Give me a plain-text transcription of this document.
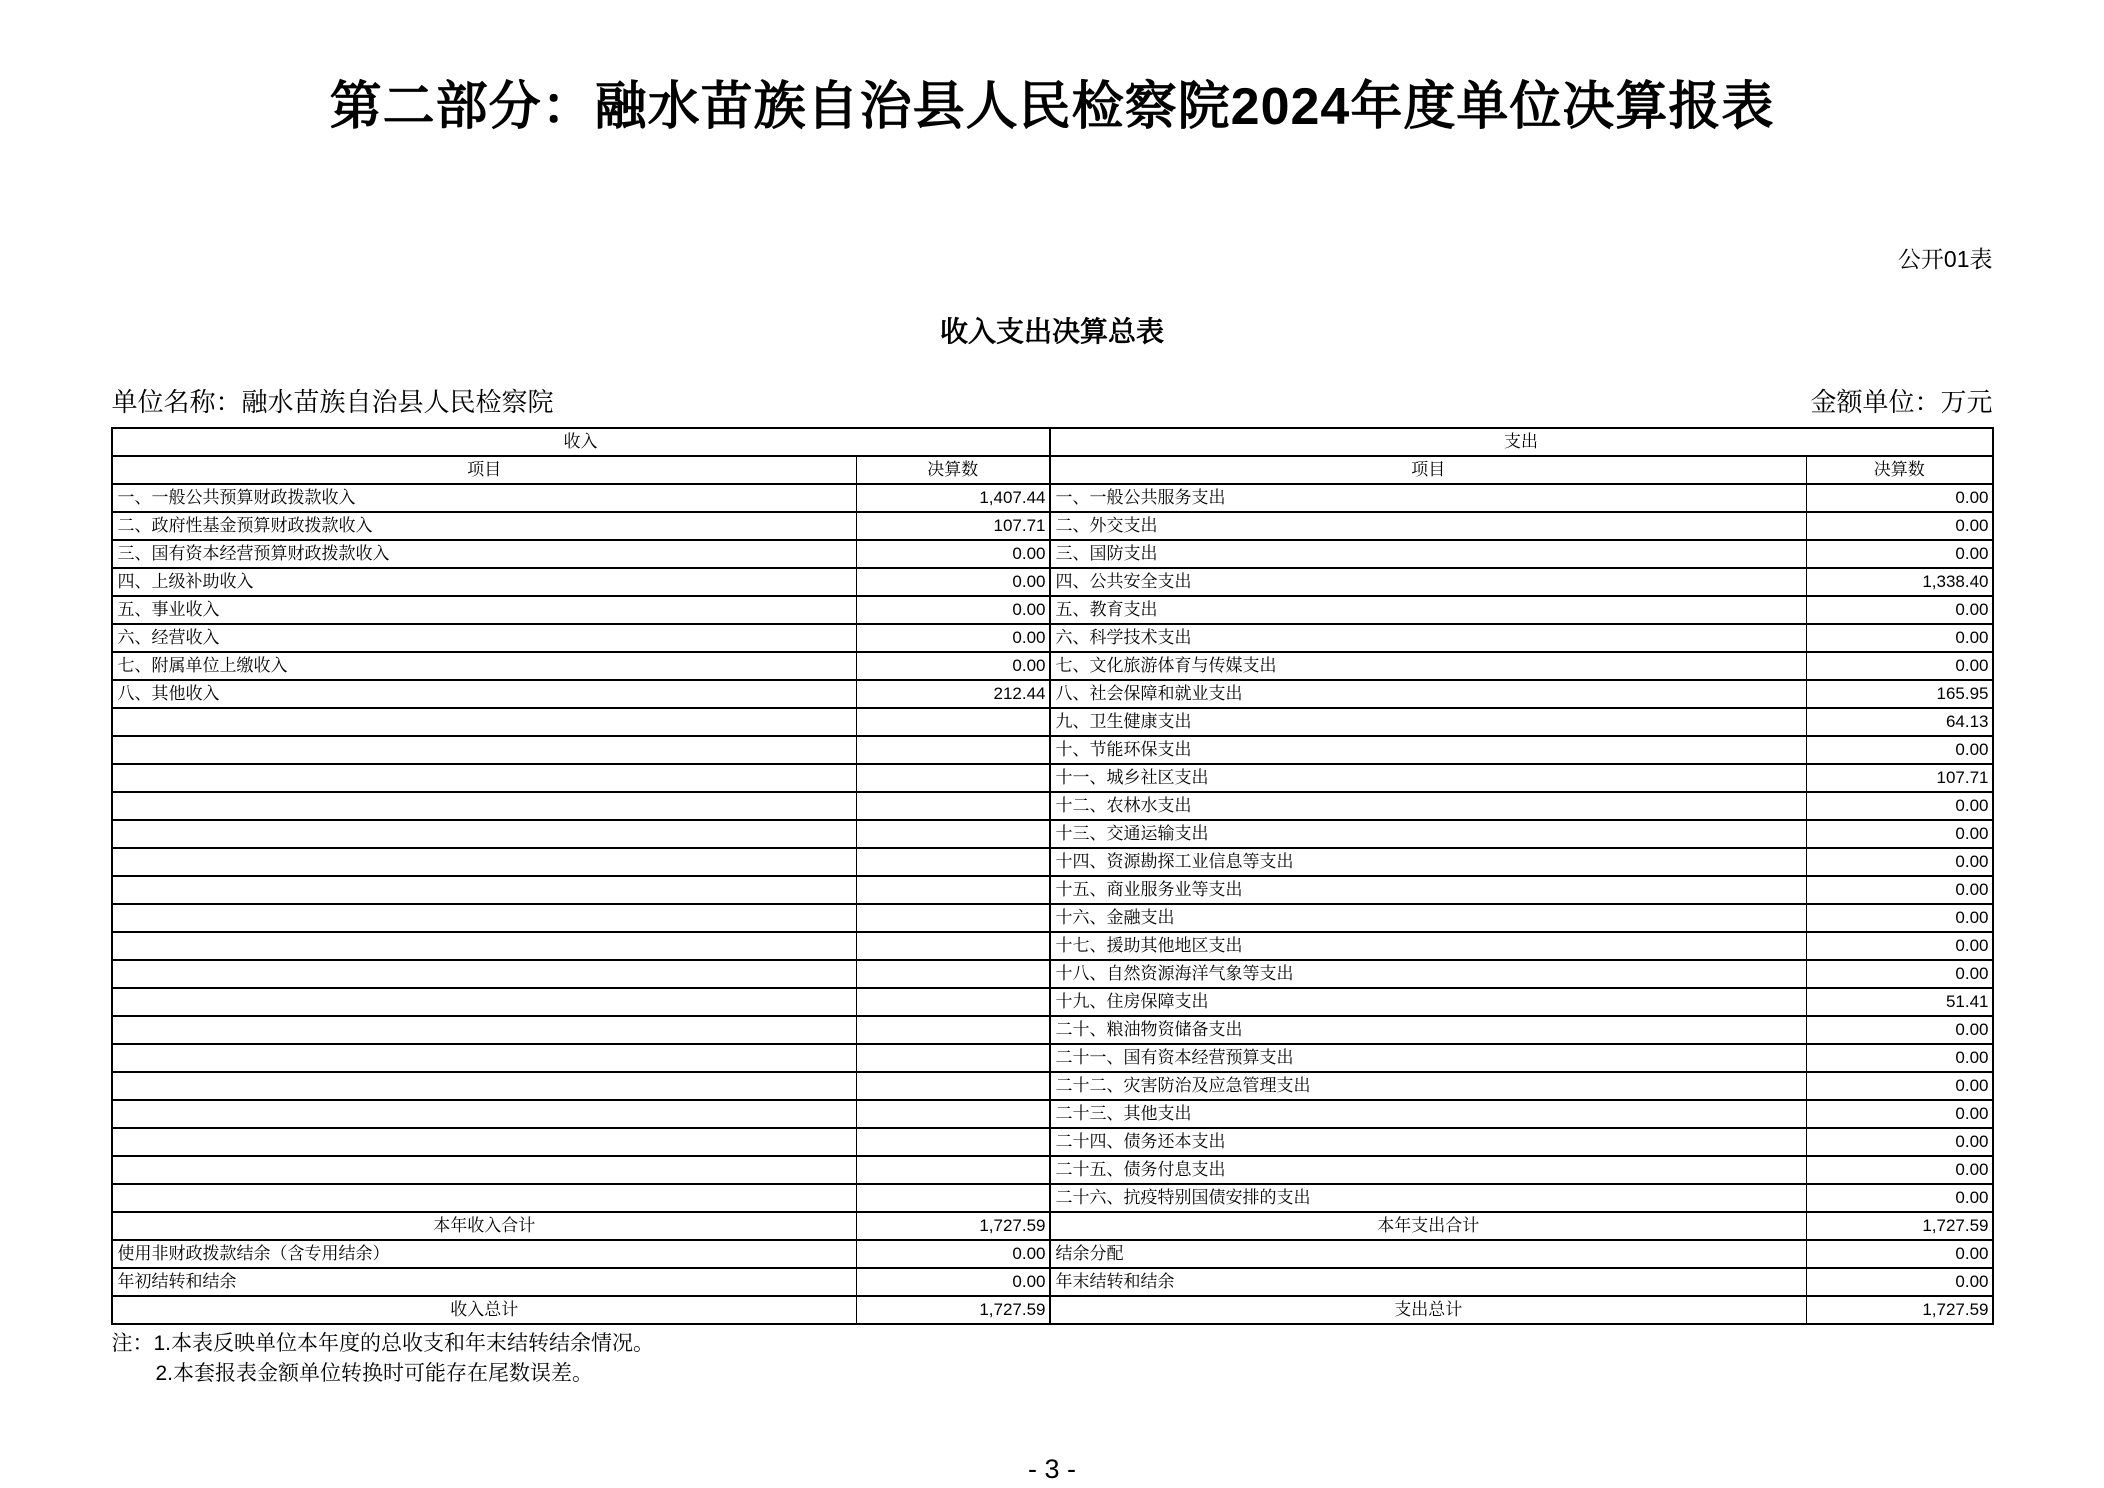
第二部分：融水苗族自治县人民检察院2024年度单位决算报表
公开01表
收入支出决算总表
单位名称：融水苗族自治县人民检察院	金额单位：万元
收入		支出	
项目	决算数	项目	决算数
一、一般公共预算财政拨款收入	1,407.44	一、一般公共服务支出	0.00
二、政府性基金预算财政拨款收入	107.71	二、外交支出	0.00
三、国有资本经营预算财政拨款收入	0.00	三、国防支出	0.00
四、上级补助收入	0.00	四、公共安全支出	1,338.40
五、事业收入	0.00	五、教育支出	0.00
六、经营收入	0.00	六、科学技术支出	0.00
七、附属单位上缴收入	0.00	七、文化旅游体育与传媒支出	0.00
八、其他收入	212.44	八、社会保障和就业支出	165.95
		九、卫生健康支出	64.13
		十、节能环保支出	0.00
		十一、城乡社区支出	107.71
		十二、农林水支出	0.00
		十三、交通运输支出	0.00
		十四、资源勘探工业信息等支出	0.00
		十五、商业服务业等支出	0.00
		十六、金融支出	0.00
		十七、援助其他地区支出	0.00
		十八、自然资源海洋气象等支出	0.00
		十九、住房保障支出	51.41
		二十、粮油物资储备支出	0.00
		二十一、国有资本经营预算支出	0.00
		二十二、灾害防治及应急管理支出	0.00
		二十三、其他支出	0.00
		二十四、债务还本支出	0.00
		二十五、债务付息支出	0.00
		二十六、抗疫特别国债安排的支出	0.00
本年收入合计	1,727.59	本年支出合计	1,727.59
使用非财政拨款结余（含专用结余）	0.00	结余分配	0.00
年初结转和结余	0.00	年末结转和结余	0.00
收入总计	1,727.59	支出总计	1,727.59
注：1.本表反映单位本年度的总收支和年末结转结余情况。
2.本套报表金额单位转换时可能存在尾数误差。
- 3 -
